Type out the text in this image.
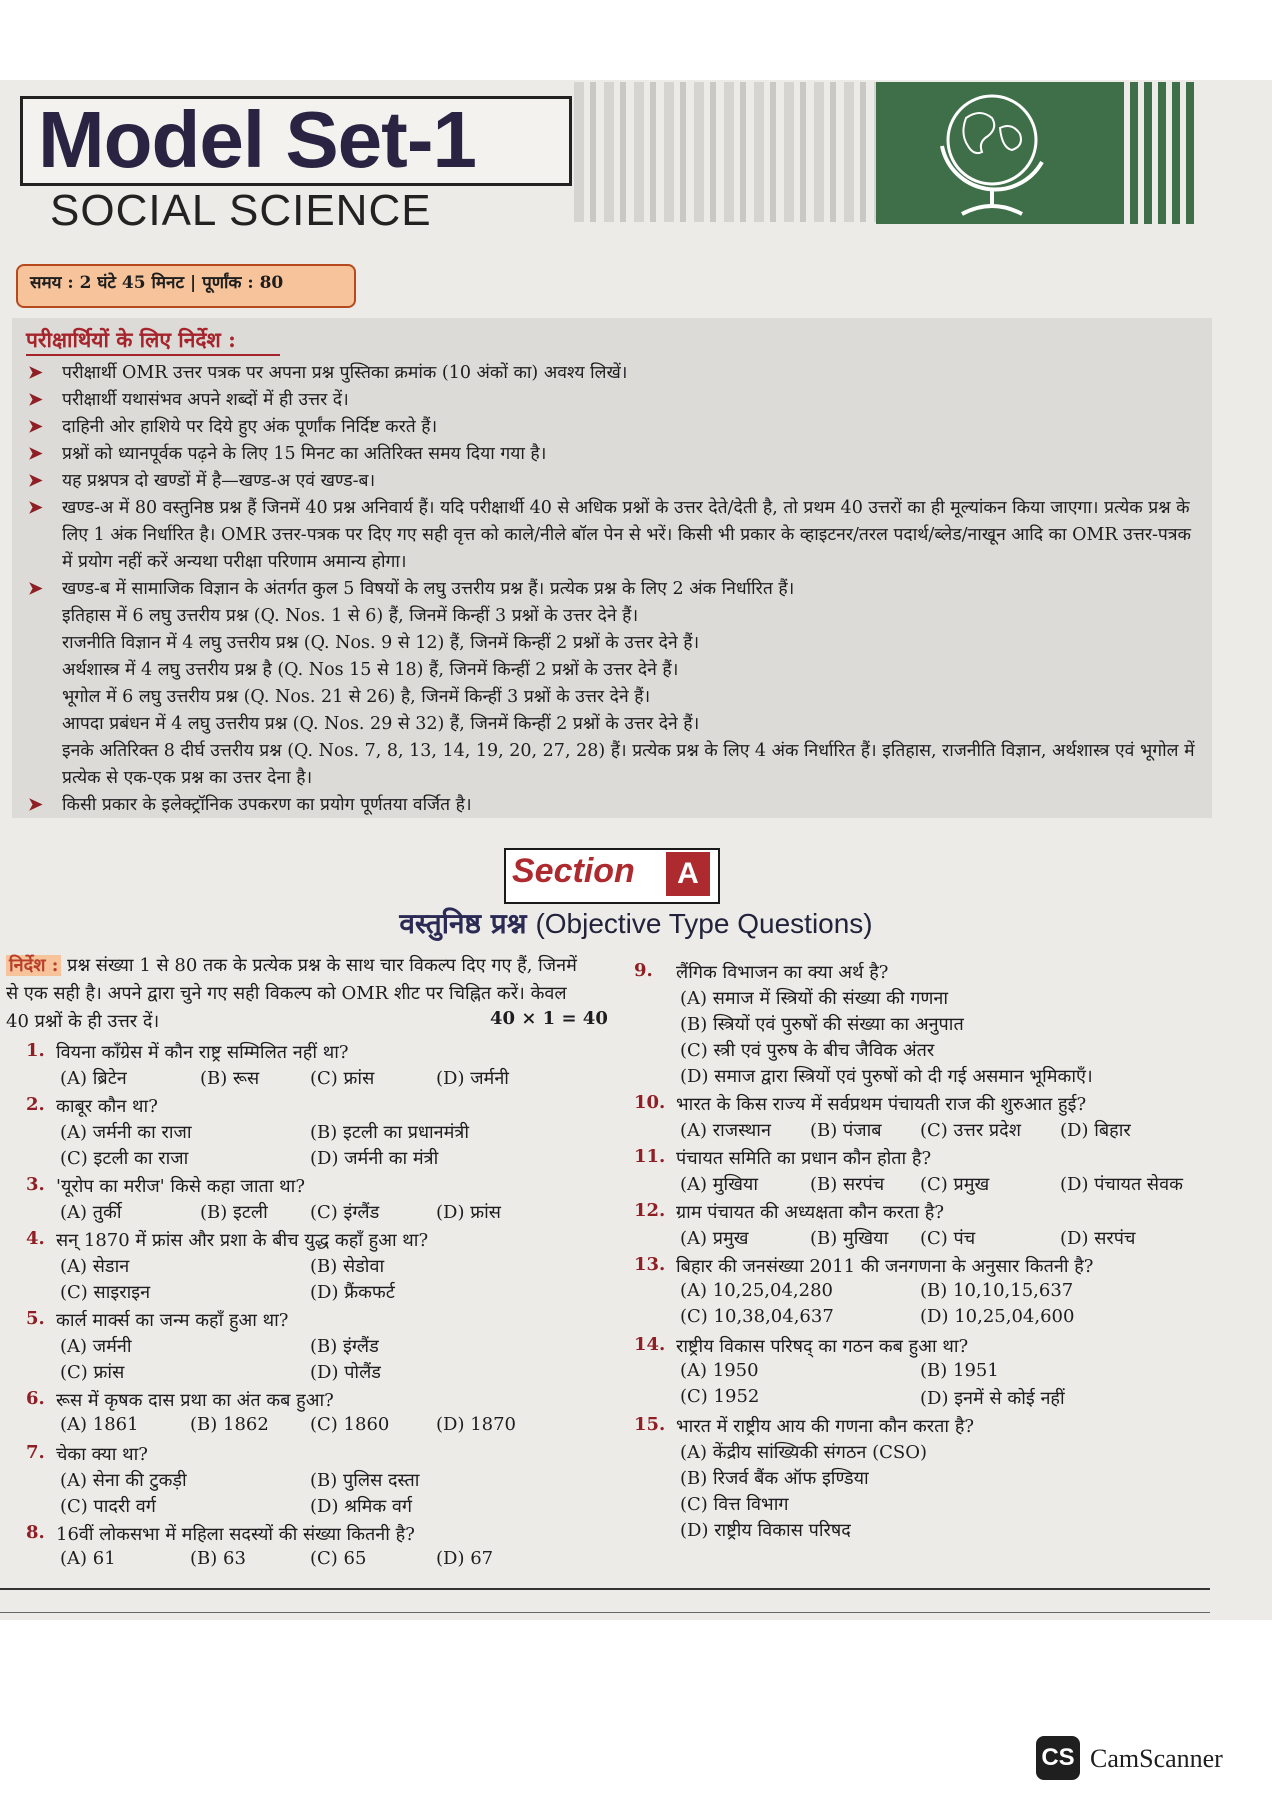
Model Set-1
SOCIAL SCIENCE
समय : 2 घंटे 45 मिनट | पूर्णांक : 80
परीक्षार्थियों के लिए निर्देश :
➤ परीक्षार्थी OMR उत्तर पत्रक पर अपना प्रश्न पुस्तिका क्रमांक (10 अंकों का) अवश्य लिखें।
➤ परीक्षार्थी यथासंभव अपने शब्दों में ही उत्तर दें।
➤ दाहिनी ओर हाशिये पर दिये हुए अंक पूर्णांक निर्दिष्ट करते हैं।
➤ प्रश्नों को ध्यानपूर्वक पढ़ने के लिए 15 मिनट का अतिरिक्त समय दिया गया है।
➤ यह प्रश्नपत्र दो खण्डों में है—खण्ड-अ एवं खण्ड-ब।
➤ खण्ड-अ में 80 वस्तुनिष्ठ प्रश्न हैं जिनमें 40 प्रश्न अनिवार्य हैं। यदि परीक्षार्थी 40 से अधिक प्रश्नों के उत्तर देते/देती है, तो प्रथम 40 उत्तरों का ही मूल्यांकन किया जाएगा। प्रत्येक प्रश्न के लिए 1 अंक निर्धारित है। OMR उत्तर-पत्रक पर दिए गए सही वृत्त को काले/नीले बॉल पेन से भरें। किसी भी प्रकार के व्हाइटनर/तरल पदार्थ/ब्लेड/नाखून आदि का OMR उत्तर-पत्रक में प्रयोग नहीं करें अन्यथा परीक्षा परिणाम अमान्य होगा।
➤ खण्ड-ब में सामाजिक विज्ञान के अंतर्गत कुल 5 विषयों के लघु उत्तरीय प्रश्न हैं। प्रत्येक प्रश्न के लिए 2 अंक निर्धारित हैं।
इतिहास में 6 लघु उत्तरीय प्रश्न (Q. Nos. 1 से 6) हैं, जिनमें किन्हीं 3 प्रश्नों के उत्तर देने हैं।
राजनीति विज्ञान में 4 लघु उत्तरीय प्रश्न (Q. Nos. 9 से 12) हैं, जिनमें किन्हीं 2 प्रश्नों के उत्तर देने हैं।
अर्थशास्त्र में 4 लघु उत्तरीय प्रश्न है (Q. Nos 15 से 18) हैं, जिनमें किन्हीं 2 प्रश्नों के उत्तर देने हैं।
भूगोल में 6 लघु उत्तरीय प्रश्न (Q. Nos. 21 से 26) है, जिनमें किन्हीं 3 प्रश्नों के उत्तर देने हैं।
आपदा प्रबंधन में 4 लघु उत्तरीय प्रश्न (Q. Nos. 29 से 32) हैं, जिनमें किन्हीं 2 प्रश्नों के उत्तर देने हैं।
इनके अतिरिक्त 8 दीर्घ उत्तरीय प्रश्न (Q. Nos. 7, 8, 13, 14, 19, 20, 27, 28) हैं। प्रत्येक प्रश्न के लिए 4 अंक निर्धारित हैं। इतिहास, राजनीति विज्ञान, अर्थशास्त्र एवं भूगोल में प्रत्येक से एक-एक प्रश्न का उत्तर देना है।
➤ किसी प्रकार के इलेक्ट्रॉनिक उपकरण का प्रयोग पूर्णतया वर्जित है।
Section	A
वस्तुनिष्ठ प्रश्न (Objective Type Questions)
निर्देश : प्रश्न संख्या 1 से 80 तक के प्रत्येक प्रश्न के साथ चार विकल्प दिए गए हैं, जिनमें से एक सही है। अपने द्वारा चुने गए सही विकल्प को OMR शीट पर चिह्नित करें। केवल 40 प्रश्नों के ही उत्तर दें।	40 × 1 = 40
1. वियना काँग्रेस में कौन राष्ट्र सम्मिलित नहीं था?
(A) ब्रिटेन	(B) रूस	(C) फ्रांस	(D) जर्मनी
2. काबूर कौन था?
(A) जर्मनी का राजा	(B) इटली का प्रधानमंत्री
(C) इटली का राजा	(D) जर्मनी का मंत्री
3. 'यूरोप का मरीज' किसे कहा जाता था?
(A) तुर्की	(B) इटली (C) इंग्लैंड	(D) फ्रांस
4. सन् 1870 में फ्रांस और प्रशा के बीच युद्ध कहाँ हुआ था?
(A) सेडान	(B) सेडोवा
(C) साइराइन	(D) फ्रैंकफर्ट
5. कार्ल मार्क्स का जन्म कहाँ हुआ था?
(A) जर्मनी	(B) इंग्लैंड
(C) फ्रांस	(D) पोलैंड
6. रूस में कृषक दास प्रथा का अंत कब हुआ?
(A) 1861	(B) 1862 (C) 1860	(D) 1870
7. चेका क्या था?
(A) सेना की टुकड़ी	(B) पुलिस दस्ता
(C) पादरी वर्ग	(D) श्रमिक वर्ग
8. 16वीं लोकसभा में महिला सदस्यों की संख्या कितनी है?
(A) 61	(B) 63	(C) 65	(D) 67
9. लैंगिक विभाजन का क्या अर्थ है?
(A) समाज में स्त्रियों की संख्या की गणना
(B) स्त्रियों एवं पुरुषों की संख्या का अनुपात
(C) स्त्री एवं पुरुष के बीच जैविक अंतर
(D) समाज द्वारा स्त्रियों एवं पुरुषों को दी गई असमान भूमिकाएँ।
10. भारत के किस राज्य में सर्वप्रथम पंचायती राज की शुरुआत हुई?
(A) राजस्थान (B) पंजाब (C) उत्तर प्रदेश (D) बिहार
11. पंचायत समिति का प्रधान कौन होता है?
(A) मुखिया	(B) सरपंच (C) प्रमुख	(D) पंचायत सेवक
12. ग्राम पंचायत की अध्यक्षता कौन करता है?
(A) प्रमुख	(B) मुखिया (C) पंच	(D) सरपंच
13. बिहार की जनसंख्या 2011 की जनगणना के अनुसार कितनी है?
(A) 10,25,04,280	(B) 10,10,15,637
(C) 10,38,04,637	(D) 10,25,04,600
14. राष्ट्रीय विकास परिषद् का गठन कब हुआ था?
(A) 1950	(B) 1951
(C) 1952	(D) इनमें से कोई नहीं
15. भारत में राष्ट्रीय आय की गणना कौन करता है?
(A) केंद्रीय सांख्यिकी संगठन (CSO)
(B) रिजर्व बैंक ऑफ इण्डिया
(C) वित्त विभाग
(D) राष्ट्रीय विकास परिषद
CS CamScanner
